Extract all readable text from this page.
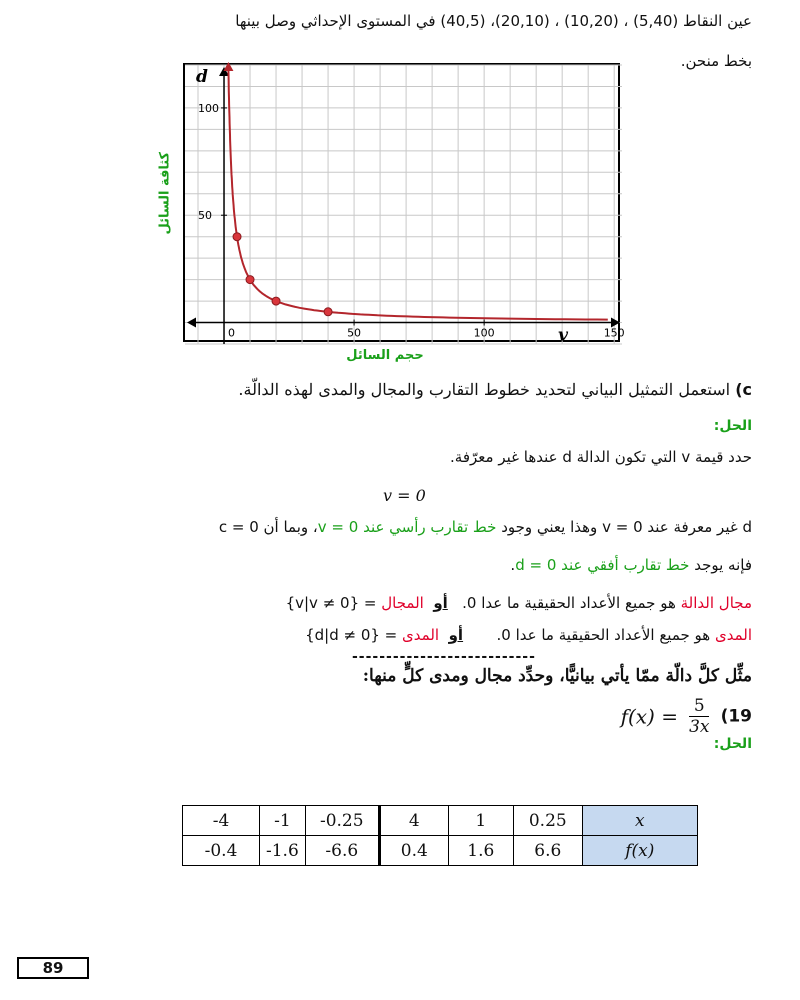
عين النقاط (5,40) ، (10,20) ، (20,10)، (40,5) في المستوى الإحداثي وصل بينها
بخط منحن.
0	50	100	150
50
100
d
v
كثافة السائل
حجم السائل
c) استعمل التمثيل البياني لتحديد خطوط التقارب والمجال والمدى لهذه الدالّة.
الحل:
حدد قيمة v التي تكون الدالة d عندها غير معرّفة.
v = 0
d غير معرفة عند 0 = v وهذا يعني وجود خط تقارب رأسي عند 0 = v، وبما أن c = 0
فإنه يوجد خط تقارب أفقي عند d = 0.
مجال الدالة هو جميع الأعداد الحقيقية ما عدا 0.   أو  المجال = {v|v ≠ 0}
المدى هو جميع الأعداد الحقيقية ما عدا 0.       أو  المدى = {d|d ≠ 0}
---------------------------
مثِّل كلَّ دالّة ممّا يأتي بيانيًّا، وحدِّد مجال ومدى كلٍّ منها:
$f(x) = \frac{5}{3x} (19$
الحل:
-4	-1	-0.25	4	1	0.25	x
-0.4	-1.6	-6.6	0.4	1.6	6.6	f(x)
89
